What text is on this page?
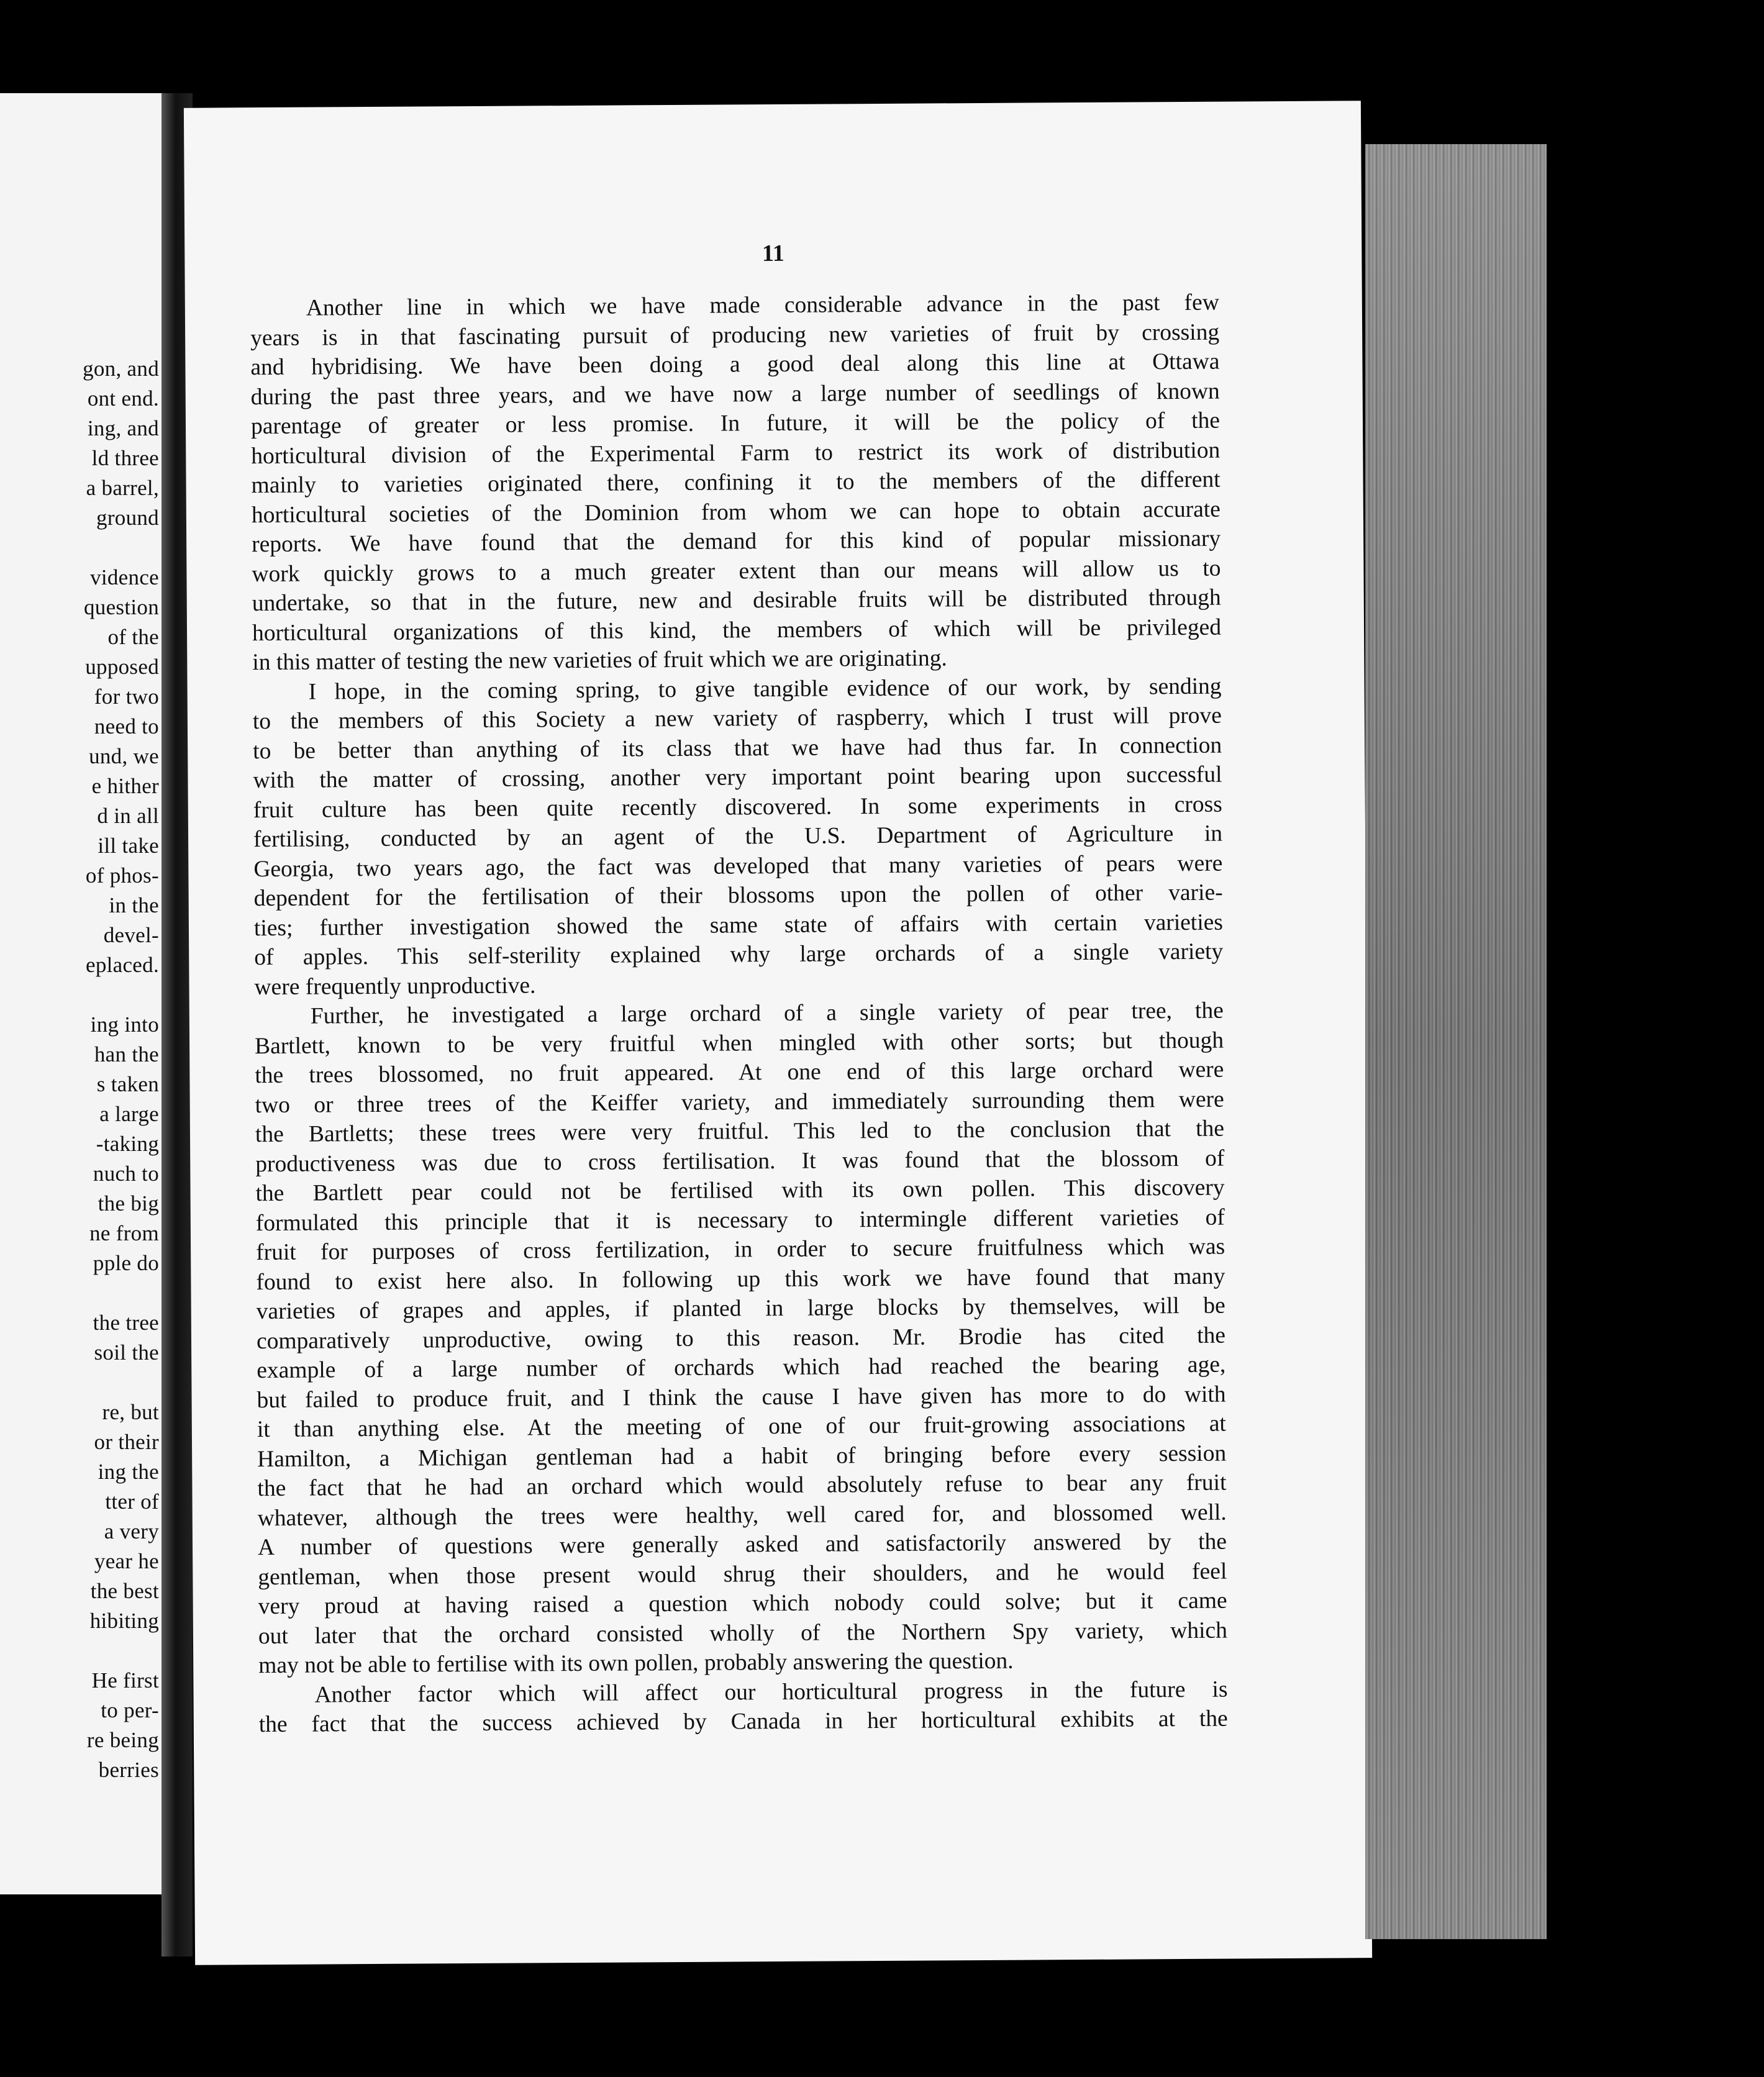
gon, and
ont end.
ing, and
ld three
a barrel,
ground
vidence
question
of the
upposed
for two
need to
und, we
e hither
d in all
ill take
of phos-
in the
devel-
eplaced.
ing into
han the
s taken
a large
-taking
nuch to
the big
ne from
pple do
the tree
soil the
re, but
or their
ing the
tter of
a very
year he
the best
hibiting
He first
to per-
re being
berries
11
Another line in which we have made considerable advance in the past few
years is in that fascinating pursuit of producing new varieties of fruit by crossing
and hybridising. We have been doing a good deal along this line at Ottawa
during the past three years, and we have now a large number of seedlings of known
parentage of greater or less promise. In future, it will be the policy of the
horticultural division of the Experimental Farm to restrict its work of distribution
mainly to varieties originated there, confining it to the members of the different
horticultural societies of the Dominion from whom we can hope to obtain accurate
reports. We have found that the demand for this kind of popular missionary
work quickly grows to a much greater extent than our means will allow us to
undertake, so that in the future, new and desirable fruits will be distributed through
horticultural organizations of this kind, the members of which will be privileged
in this matter of testing the new varieties of fruit which we are originating.
I hope, in the coming spring, to give tangible evidence of our work, by sending
to the members of this Society a new variety of raspberry, which I trust will prove
to be better than anything of its class that we have had thus far. In connection
with the matter of crossing, another very important point bearing upon successful
fruit culture has been quite recently discovered. In some experiments in cross
fertilising, conducted by an agent of the U.S. Department of Agriculture in
Georgia, two years ago, the fact was developed that many varieties of pears were
dependent for the fertilisation of their blossoms upon the pollen of other varie-
ties; further investigation showed the same state of affairs with certain varieties
of apples. This self-sterility explained why large orchards of a single variety
were frequently unproductive.
Further, he investigated a large orchard of a single variety of pear tree, the
Bartlett, known to be very fruitful when mingled with other sorts; but though
the trees blossomed, no fruit appeared. At one end of this large orchard were
two or three trees of the Keiffer variety, and immediately surrounding them were
the Bartletts; these trees were very fruitful. This led to the conclusion that the
productiveness was due to cross fertilisation. It was found that the blossom of
the Bartlett pear could not be fertilised with its own pollen. This discovery
formulated this principle that it is necessary to intermingle different varieties of
fruit for purposes of cross fertilization, in order to secure fruitfulness which was
found to exist here also. In following up this work we have found that many
varieties of grapes and apples, if planted in large blocks by themselves, will be
comparatively unproductive, owing to this reason. Mr. Brodie has cited the
example of a large number of orchards which had reached the bearing age,
but failed to produce fruit, and I think the cause I have given has more to do with
it than anything else. At the meeting of one of our fruit-growing associations at
Hamilton, a Michigan gentleman had a habit of bringing before every session
the fact that he had an orchard which would absolutely refuse to bear any fruit
whatever, although the trees were healthy, well cared for, and blossomed well.
A number of questions were generally asked and satisfactorily answered by the
gentleman, when those present would shrug their shoulders, and he would feel
very proud at having raised a question which nobody could solve; but it came
out later that the orchard consisted wholly of the Northern Spy variety, which
may not be able to fertilise with its own pollen, probably answering the question.
Another factor which will affect our horticultural progress in the future is
the fact that the success achieved by Canada in her horticultural exhibits at the
